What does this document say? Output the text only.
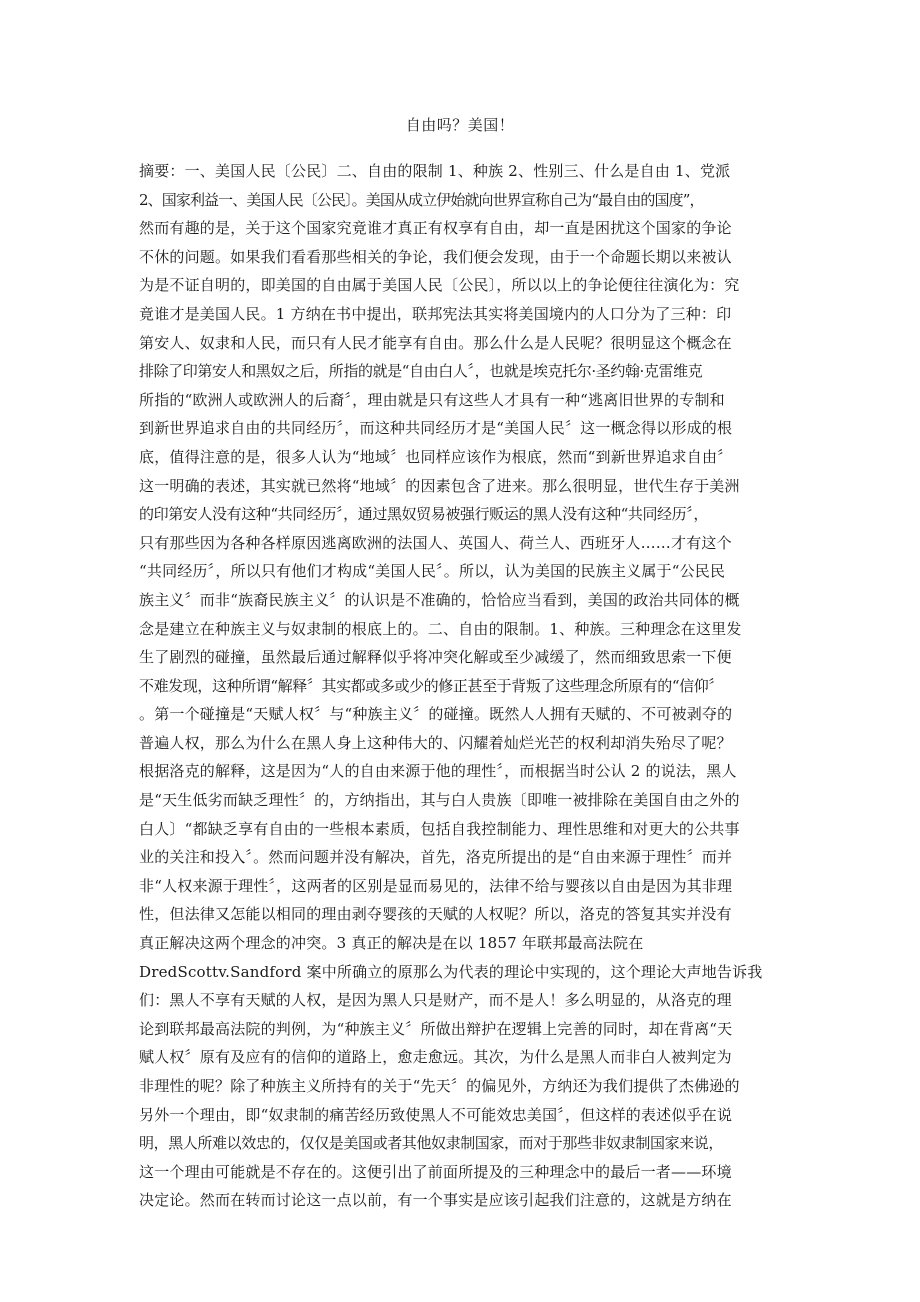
自由吗？美国！
摘要：一、美国人民〔公民〕二、自由的限制 1、种族 2、性别三、什么是自由 1、党派
2、国家利益一、美国人民〔公民〕。美国从成立伊始就向世界宣称自己为“最自由的国度”，
然而有趣的是，关于这个国家究竟谁才真正有权享有自由，却一直是困扰这个国家的争论
不休的问题。如果我们看看那些相关的争论，我们便会发现，由于一个命题长期以来被认
为是不证自明的，即美国的自由属于美国人民〔公民〕，所以以上的争论便往往演化为：究
竟谁才是美国人民。1 方纳在书中提出，联邦宪法其实将美国境内的人口分为了三种：印
第安人、奴隶和人民，而只有人民才能享有自由。那么什么是人民呢？很明显这个概念在
排除了印第安人和黑奴之后，所指的就是“自由白人〞，也就是埃克托尔·圣约翰·克雷维克
所指的“欧洲人或欧洲人的后裔〞，理由就是只有这些人才具有一种“逃离旧世界的专制和
到新世界追求自由的共同经历〞，而这种共同经历才是“美国人民〞这一概念得以形成的根
底，值得注意的是，很多人认为“地域〞也同样应该作为根底，然而“到新世界追求自由〞
这一明确的表述，其实就已然将“地域〞的因素包含了进来。那么很明显，世代生存于美洲
的印第安人没有这种“共同经历〞，通过黑奴贸易被强行贩运的黑人没有这种“共同经历〞，
只有那些因为各种各样原因逃离欧洲的法国人、英国人、荷兰人、西班牙人……才有这个
“共同经历〞，所以只有他们才构成“美国人民〞。所以，认为美国的民族主义属于“公民民
族主义〞而非“族裔民族主义〞的认识是不准确的，恰恰应当看到，美国的政治共同体的概
念是建立在种族主义与奴隶制的根底上的。二、自由的限制。1、种族。三种理念在这里发
生了剧烈的碰撞，虽然最后通过解释似乎将冲突化解或至少减缓了，然而细致思索一下便
不难发现，这种所谓“解释〞其实都或多或少的修正甚至于背叛了这些理念所原有的“信仰〞
。第一个碰撞是“天赋人权〞与“种族主义〞的碰撞。既然人人拥有天赋的、不可被剥夺的
普遍人权，那么为什么在黑人身上这种伟大的、闪耀着灿烂光芒的权利却消失殆尽了呢？
根据洛克的解释，这是因为“人的自由来源于他的理性〞，而根据当时公认 2 的说法，黑人
是“天生低劣而缺乏理性〞的，方纳指出，其与白人贵族〔即唯一被排除在美国自由之外的
白人〕“都缺乏享有自由的一些根本素质，包括自我控制能力、理性思维和对更大的公共事
业的关注和投入〞。然而问题并没有解决，首先，洛克所提出的是“自由来源于理性〞而并
非“人权来源于理性〞，这两者的区别是显而易见的，法律不给与婴孩以自由是因为其非理
性，但法律又怎能以相同的理由剥夺婴孩的天赋的人权呢？所以，洛克的答复其实并没有
真正解决这两个理念的冲突。3 真正的解决是在以 1857 年联邦最高法院在
DredScottv.Sandford 案中所确立的原那么为代表的理论中实现的，这个理论大声地告诉我
们：黑人不享有天赋的人权，是因为黑人只是财产，而不是人！多么明显的，从洛克的理
论到联邦最高法院的判例，为“种族主义〞所做出辩护在逻辑上完善的同时，却在背离“天
赋人权〞原有及应有的信仰的道路上，愈走愈远。其次，为什么是黑人而非白人被判定为
非理性的呢？除了种族主义所持有的关于“先天〞的偏见外，方纳还为我们提供了杰佛逊的
另外一个理由，即“奴隶制的痛苦经历致使黑人不可能效忠美国〞，但这样的表述似乎在说
明，黑人所难以效忠的，仅仅是美国或者其他奴隶制国家，而对于那些非奴隶制国家来说，
这一个理由可能就是不存在的。这便引出了前面所提及的三种理念中的最后一者——环境
决定论。然而在转而讨论这一点以前，有一个事实是应该引起我们注意的，这就是方纳在
